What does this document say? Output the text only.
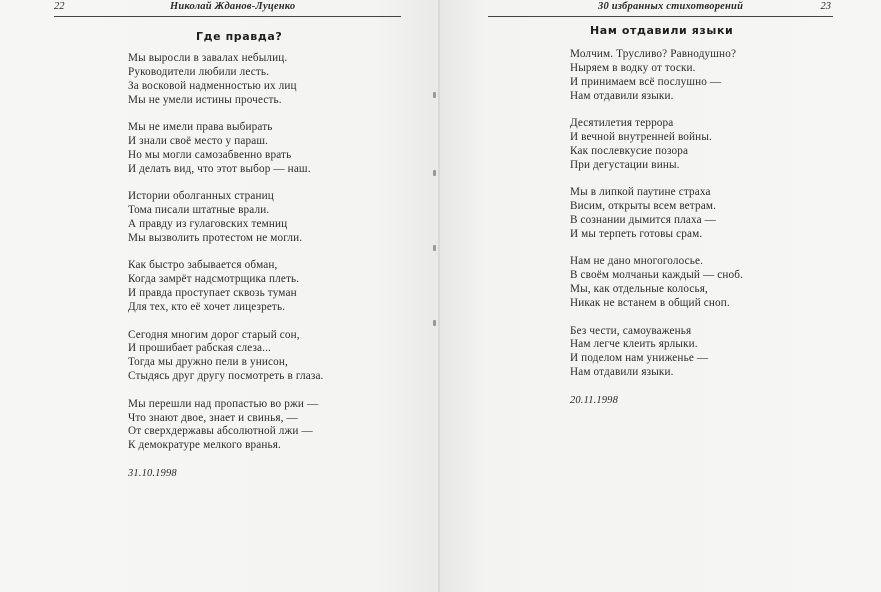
22	Николай Жданов-Луценко
Где правда?
Мы выросли в завалах небылиц.
Руководители любили лесть.
За восковой надменностью их лиц
Мы не умели истины прочесть.
Мы не имели права выбирать
И знали своё место у параш.
Но мы могли самозабвенно врать
И делать вид, что этот выбор — наш.
Истории оболганных страниц
Тома писали штатные врали.
А правду из гулаговских темниц
Мы вызволить протестом не могли.
Как быстро забывается обман,
Когда замрёт надсмотрщика плеть.
И правда проступает сквозь туман
Для тех, кто её хочет лицезреть.
Сегодня многим дорог старый сон,
И прошибает рабская слеза...
Тогда мы дружно пели в унисон,
Стыдясь друг другу посмотреть в глаза.
Мы перешли над пропастью во ржи —
Что знают двое, знает и свинья, —
От сверхдержавы абсолютной лжи —
К демократуре мелкого вранья.
31.10.1998
30 избранных стихотворений	23
Нам отдавили языки
Молчим. Трусливо? Равнодушно?
Ныряем в водку от тоски.
И принимаем всё послушно —
Нам отдавили языки.
Десятилетия террора
И вечной внутренней войны.
Как послевкусие позора
При дегустации вины.
Мы в липкой паутине страха
Висим, открыты всем ветрам.
В сознании дымится плаха —
И мы терпеть готовы срам.
Нам не дано многоголосье.
В своём молчаньи каждый — сноб.
Мы, как отдельные колосья,
Никак не встанем в общий сноп.
Без чести, самоуваженья
Нам легче клеить ярлыки.
И поделом нам униженье —
Нам отдавили языки.
20.11.1998
